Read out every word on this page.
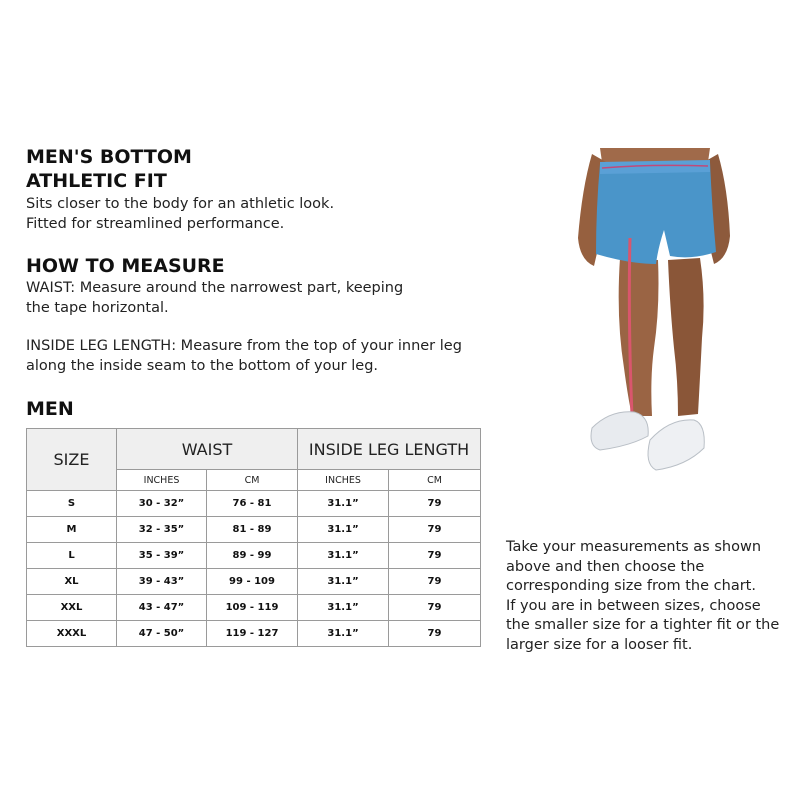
MEN'S BOTTOM
ATHLETIC FIT
Sits closer to the body for an athletic look.
Fitted for streamlined performance.
HOW TO MEASURE
WAIST: Measure around the narrowest part, keeping
the tape horizontal.
INSIDE LEG LENGTH: Measure from the top of your inner leg
along the inside seam to the bottom of your leg.
MEN
SIZE	WAIST		INSIDE LEG LENGTH	
	INCHES	CM	INCHES	CM
S	30 - 32”	76 - 81	31.1”	79
M	32 - 35”	81 - 89	31.1”	79
L	35 - 39”	89 - 99	31.1”	79
XL	39 - 43”	99 - 109	31.1”	79
XXL	43 - 47”	109 - 119	31.1”	79
XXXL	47 - 50”	119 - 127	31.1”	79
Take your measurements as shown
above and then choose the
corresponding size from the chart.
If you are in between sizes, choose
the smaller size for a tighter fit or the
larger size for a looser fit.
